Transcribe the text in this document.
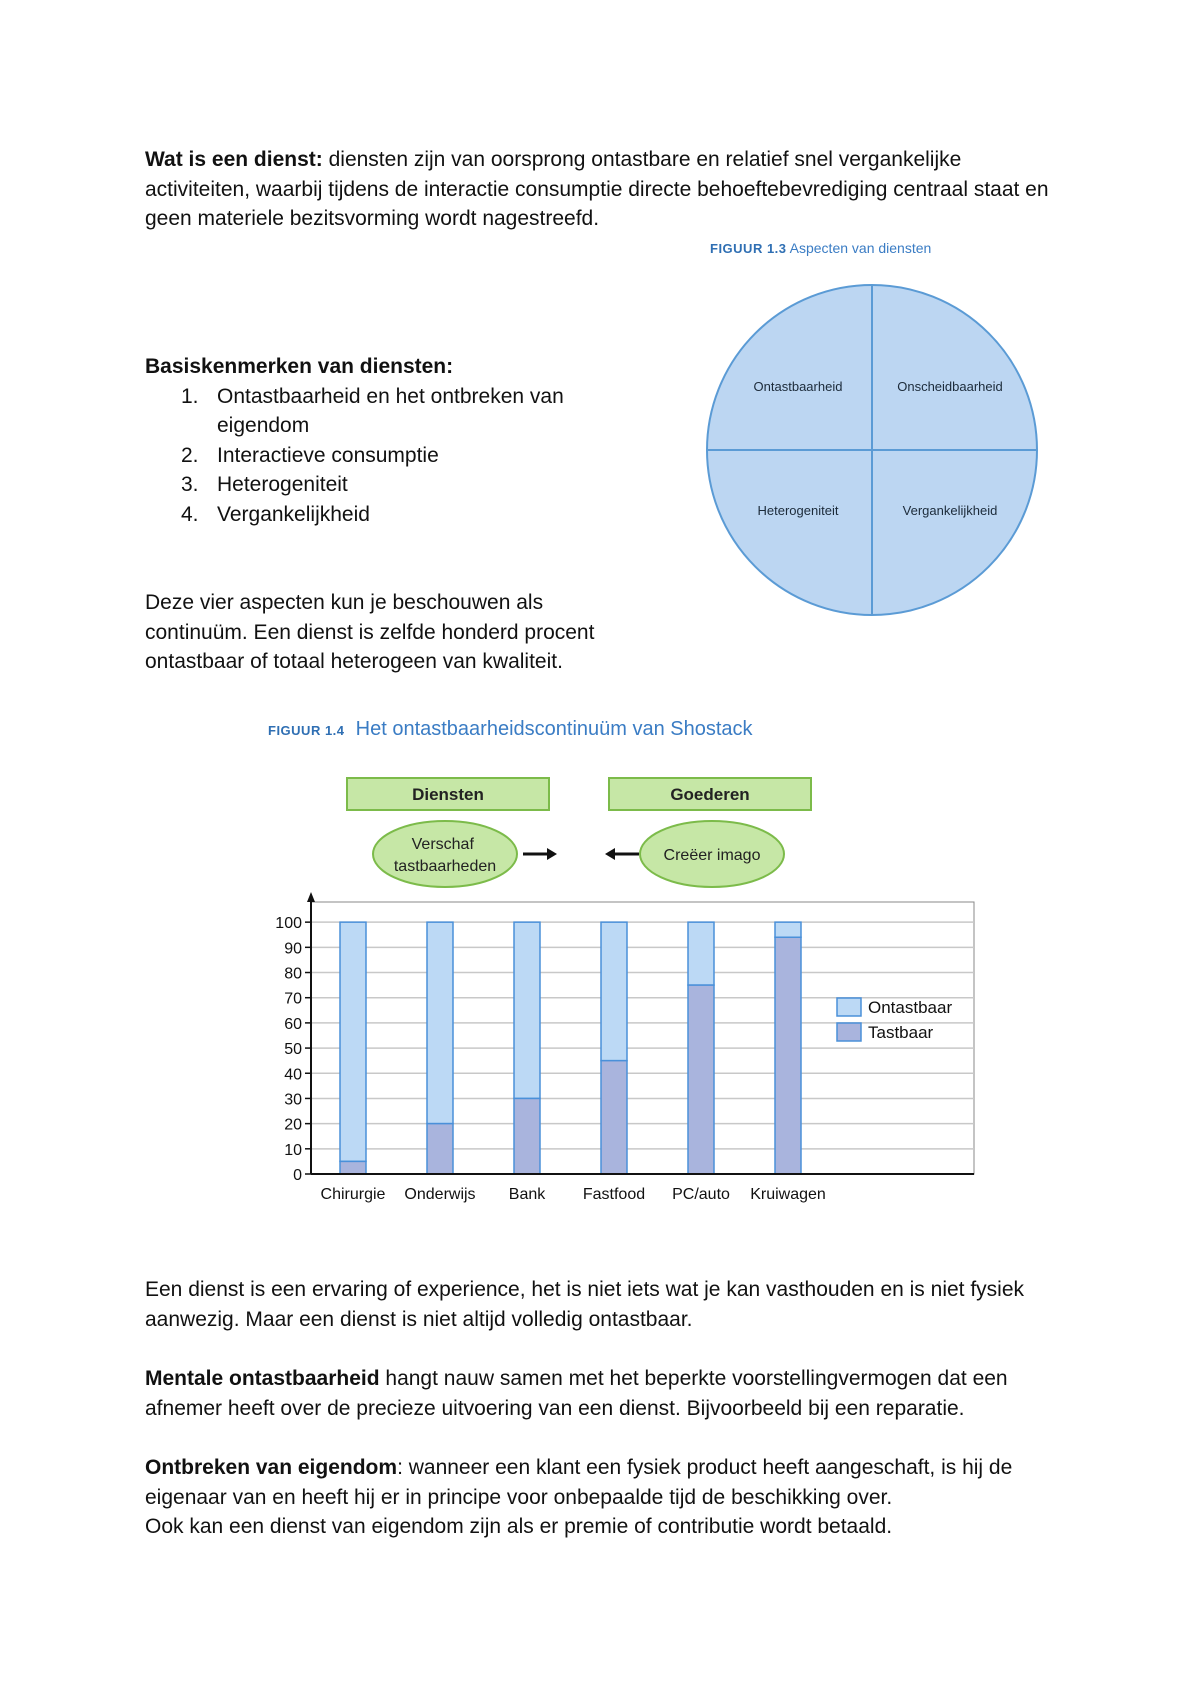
Wat is een dienst: diensten zijn van oorsprong ontastbare en relatief snel vergankelijke activiteiten, waarbij tijdens de interactie consumptie directe behoeftebevrediging centraal staat en geen materiele bezitsvorming wordt nagestreefd.
FIGUUR 1.3 Aspecten van diensten
Ontastbaarheid	Onscheidbaarheid
Heterogeniteit	Vergankelijkheid
Basiskenmerken van diensten:
1. Ontastbaarheid en het ontbreken van eigendom
2. Interactieve consumptie
3. Heterogeniteit
4. Vergankelijkheid
Deze vier aspecten kun je beschouwen als continuüm. Een dienst is zelfde honderd procent ontastbaar of totaal heterogeen van kwaliteit.
FIGUUR 1.4 Het ontastbaarheidscontinuüm van Shostack
Diensten	Goederen
Verschaf tastbaarheden
Creëer imago
0
10
20
30
40
50
60
70
80
90
100
Chirurgie Onderwijs Bank Fastfood PC/auto Kruiwagen
Ontastbaar
Tastbaar
Een dienst is een ervaring of experience, het is niet iets wat je kan vasthouden en is niet fysiek aanwezig. Maar een dienst is niet altijd volledig ontastbaar.
Mentale ontastbaarheid hangt nauw samen met het beperkte voorstellingvermogen dat een afnemer heeft over de precieze uitvoering van een dienst. Bijvoorbeeld bij een reparatie.
Ontbreken van eigendom: wanneer een klant een fysiek product heeft aangeschaft, is hij de eigenaar van en heeft hij er in principe voor onbepaalde tijd de beschikking over.
Ook kan een dienst van eigendom zijn als er premie of contributie wordt betaald.
